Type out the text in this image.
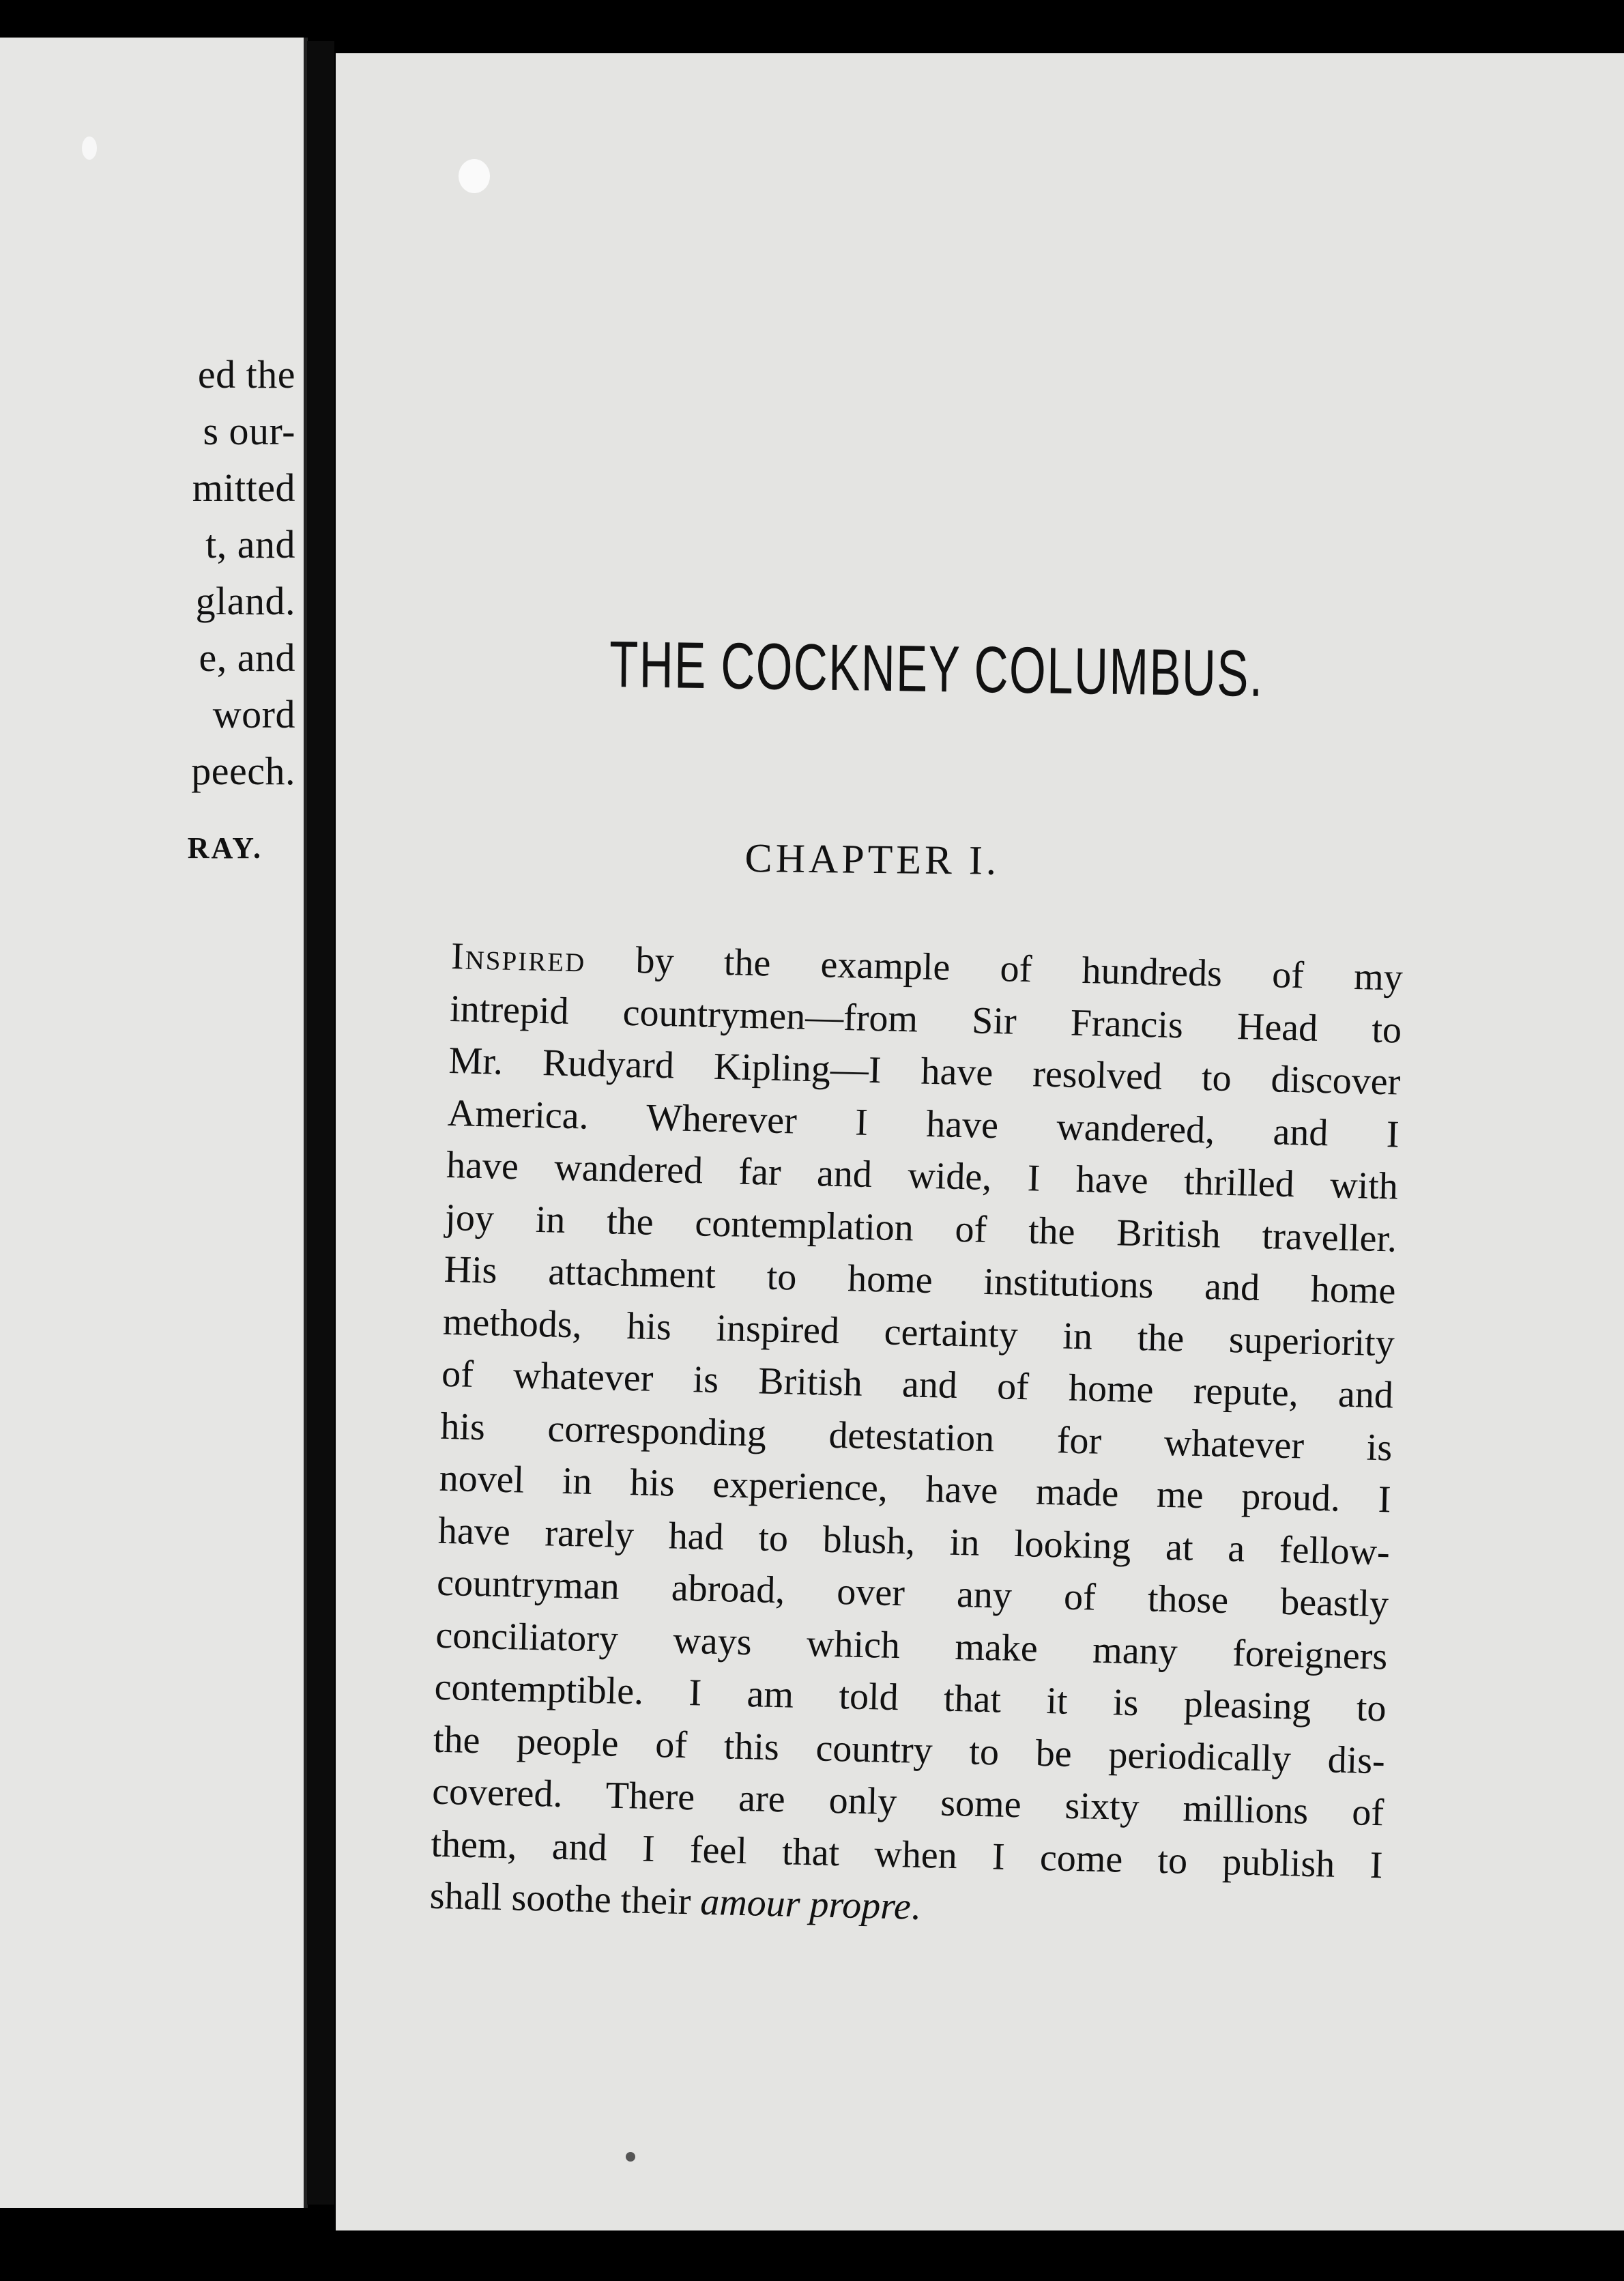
ed the
s our-
mitted
t, and
gland.
e, and
word
peech.
RAY.
THE COCKNEY COLUMBUS.
CHAPTER I.
Inspired by the example of hundreds of my
intrepid countrymen—from Sir Francis Head to
Mr. Rudyard Kipling—I have resolved to discover
America. Wherever I have wandered, and I
have wandered far and wide, I have thrilled with
joy in the contemplation of the British traveller.
His attachment to home institutions and home
methods, his inspired certainty in the superiority
of whatever is British and of home repute, and
his corresponding detestation for whatever is
novel in his experience, have made me proud. I
have rarely had to blush, in looking at a fellow-
countryman abroad, over any of those beastly
conciliatory ways which make many foreigners
contemptible. I am told that it is pleasing to
the people of this country to be periodically dis-
covered. There are only some sixty millions of
them, and I feel that when I come to publish I
shall soothe their amour propre.
